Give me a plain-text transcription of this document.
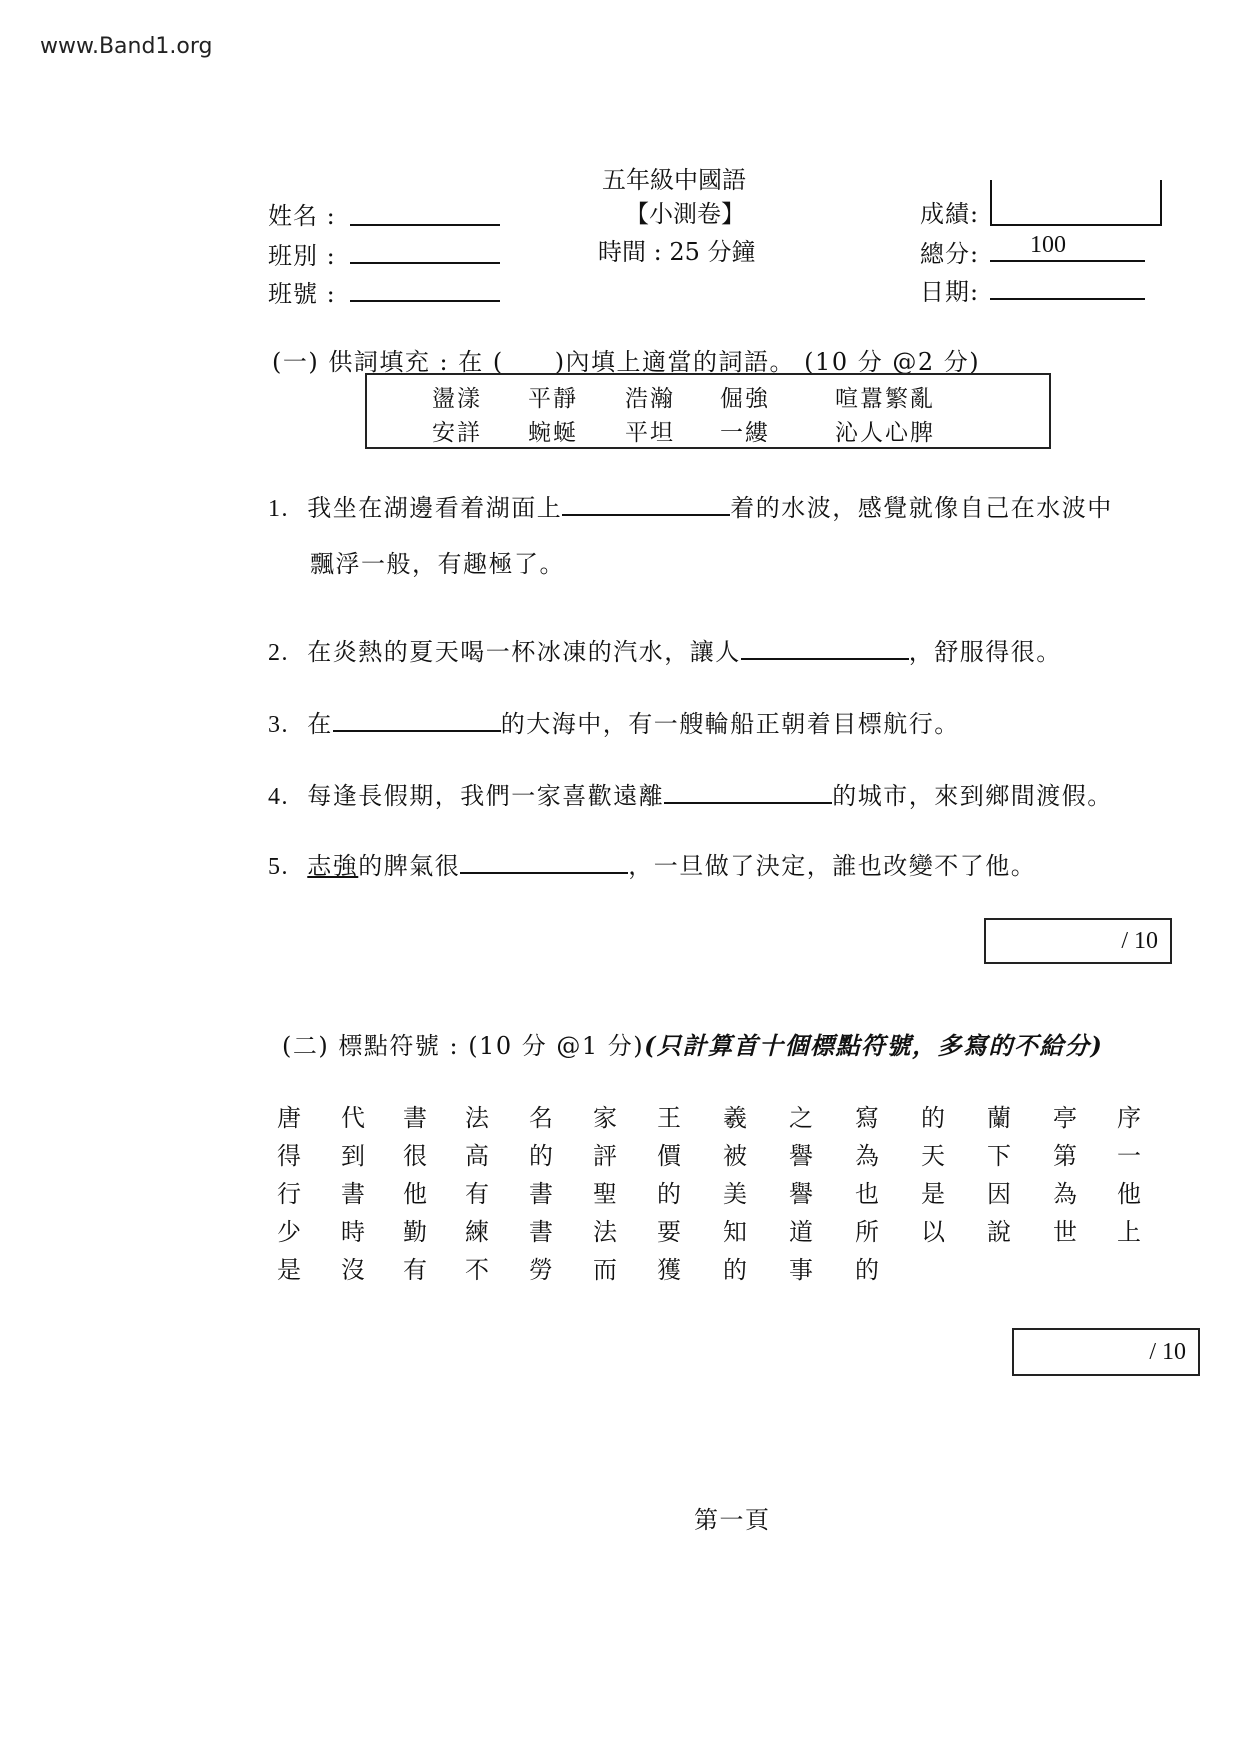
www.Band1.org
五年級中國語
【小測卷】
時間 : 25 分鐘
姓名 :
班別 :
班號 :
成績:
總分: 100
日期:
(一) 供詞填充 : 在 (　　)內填上適當的詞語。 (10 分 @2 分)
盪漾 平靜 浩瀚 倔強	喧囂繁亂
安詳 蜿蜒 平坦 一縷	沁人心脾
1. 我坐在湖邊看着湖面上	着的水波，感覺就像自己在水波中
飄浮一般，有趣極了。
2. 在炎熱的夏天喝一杯冰凍的汽水，讓人	，舒服得很。
3. 在	的大海中，有一艘輪船正朝着目標航行。
4. 每逢長假期，我們一家喜歡遠離	的城市，來到鄉間渡假。
5. 志強的脾氣很	，一旦做了決定，誰也改變不了他。
/ 10
(二) 標點符號 : (10 分 @1 分)(只計算首十個標點符號，多寫的不給分)
唐 代 書 法 名 家 王 羲 之 寫 的 蘭 亭 序
得 到 很 高 的 評 價 被 譽 為 天 下 第 一
行 書 他 有 書 聖 的 美 譽 也 是 因 為 他
少 時 勤 練 書 法 要 知 道 所 以 說 世 上
是 沒 有 不 勞 而 獲 的 事 的
/ 10
第一頁
